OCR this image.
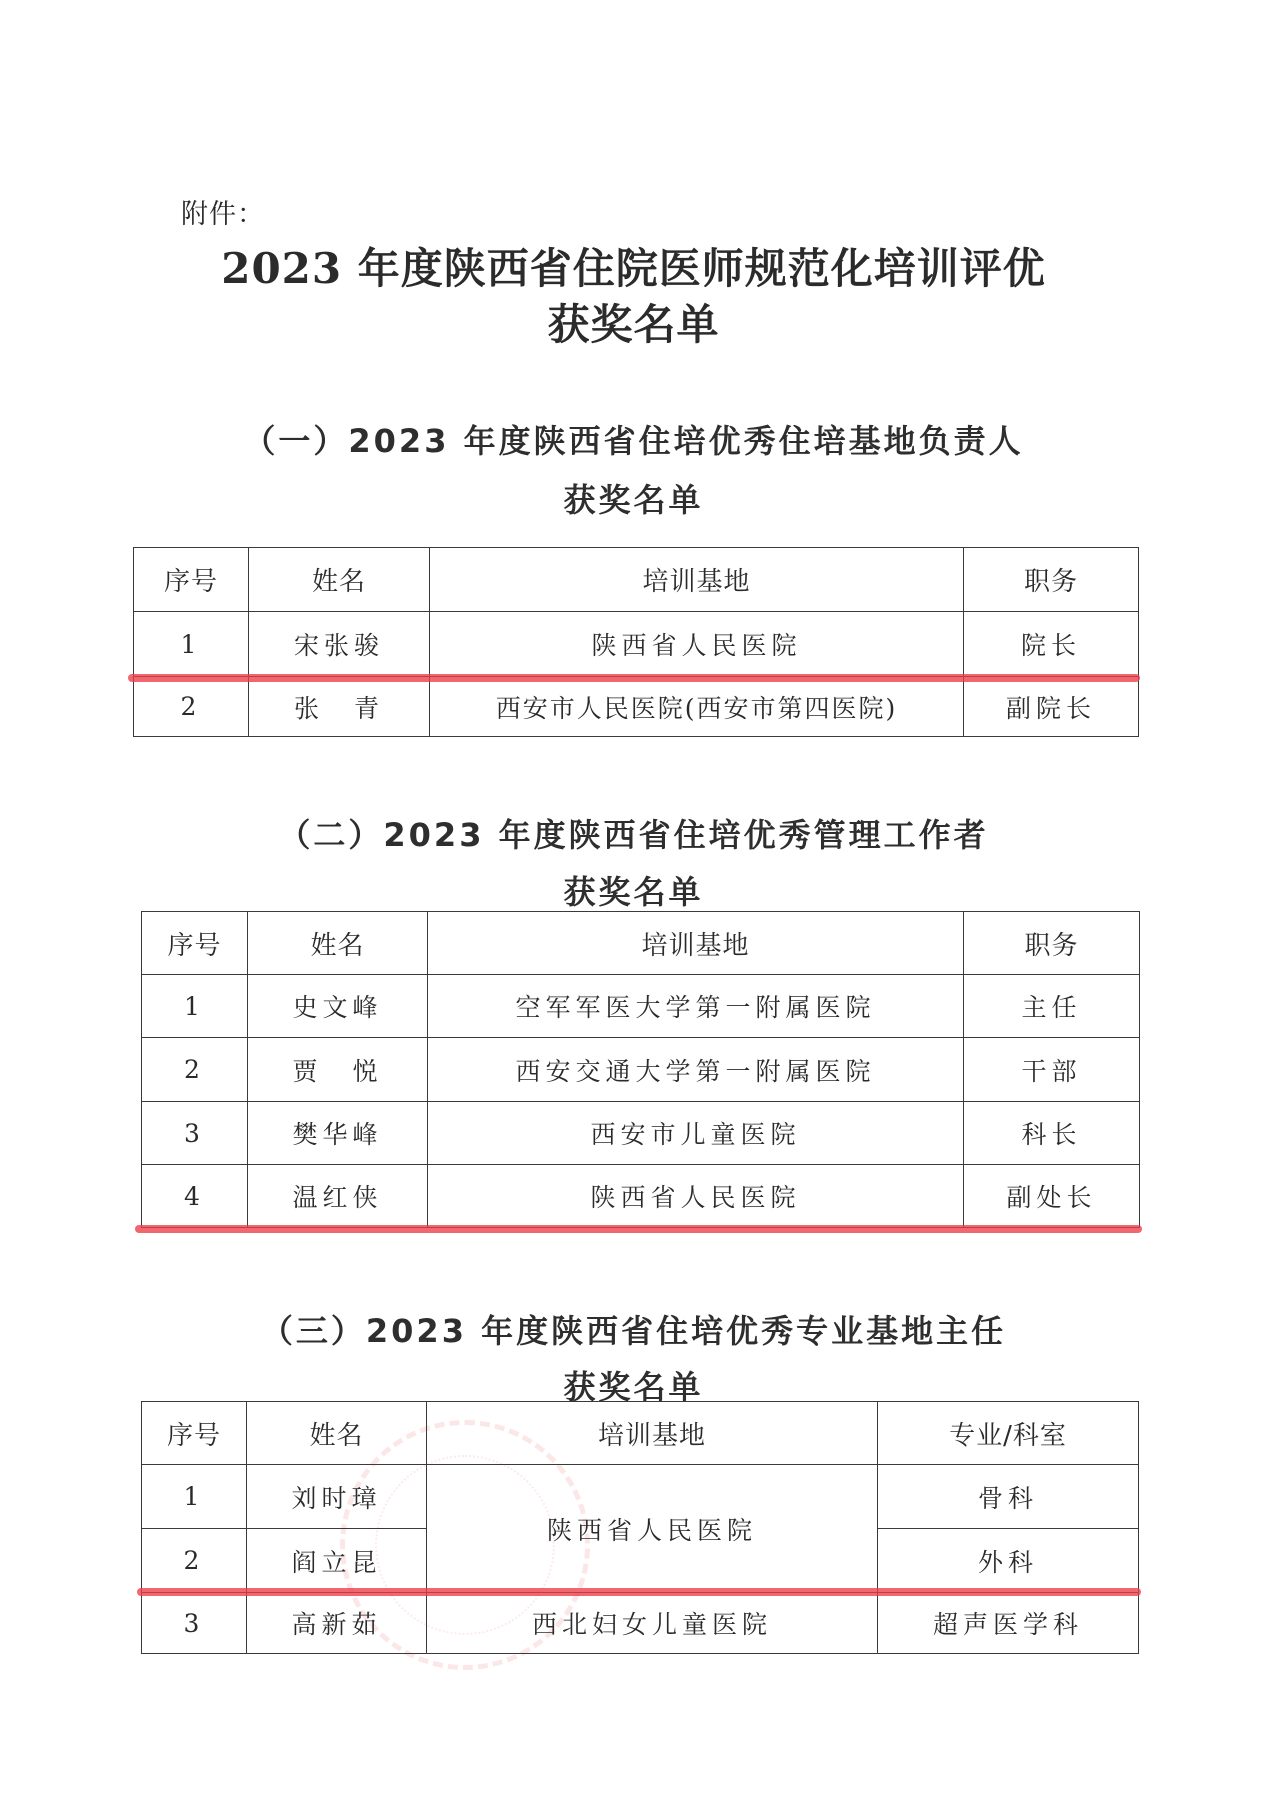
附件：
2023 年度陕西省住院医师规范化培训评优
获奖名单
（一）2023 年度陕西省住培优秀住培基地负责人
获奖名单
序号	姓名	培训基地	职务
1	宋张骏	陕西省人民医院	院长
2	张　青	西安市人民医院(西安市第四医院)	副院长
（二）2023 年度陕西省住培优秀管理工作者
获奖名单
序号	姓名	培训基地	职务
1	史文峰	空军军医大学第一附属医院	主任
2	贾　悦	西安交通大学第一附属医院	干部
3	樊华峰	西安市儿童医院	科长
4	温红侠	陕西省人民医院	副处长
（三）2023 年度陕西省住培优秀专业基地主任
获奖名单
序号	姓名	培训基地	专业/科室
1	刘时璋	陕西省人民医院	骨科
2	阎立昆		外科
3	高新茹	西北妇女儿童医院	超声医学科
